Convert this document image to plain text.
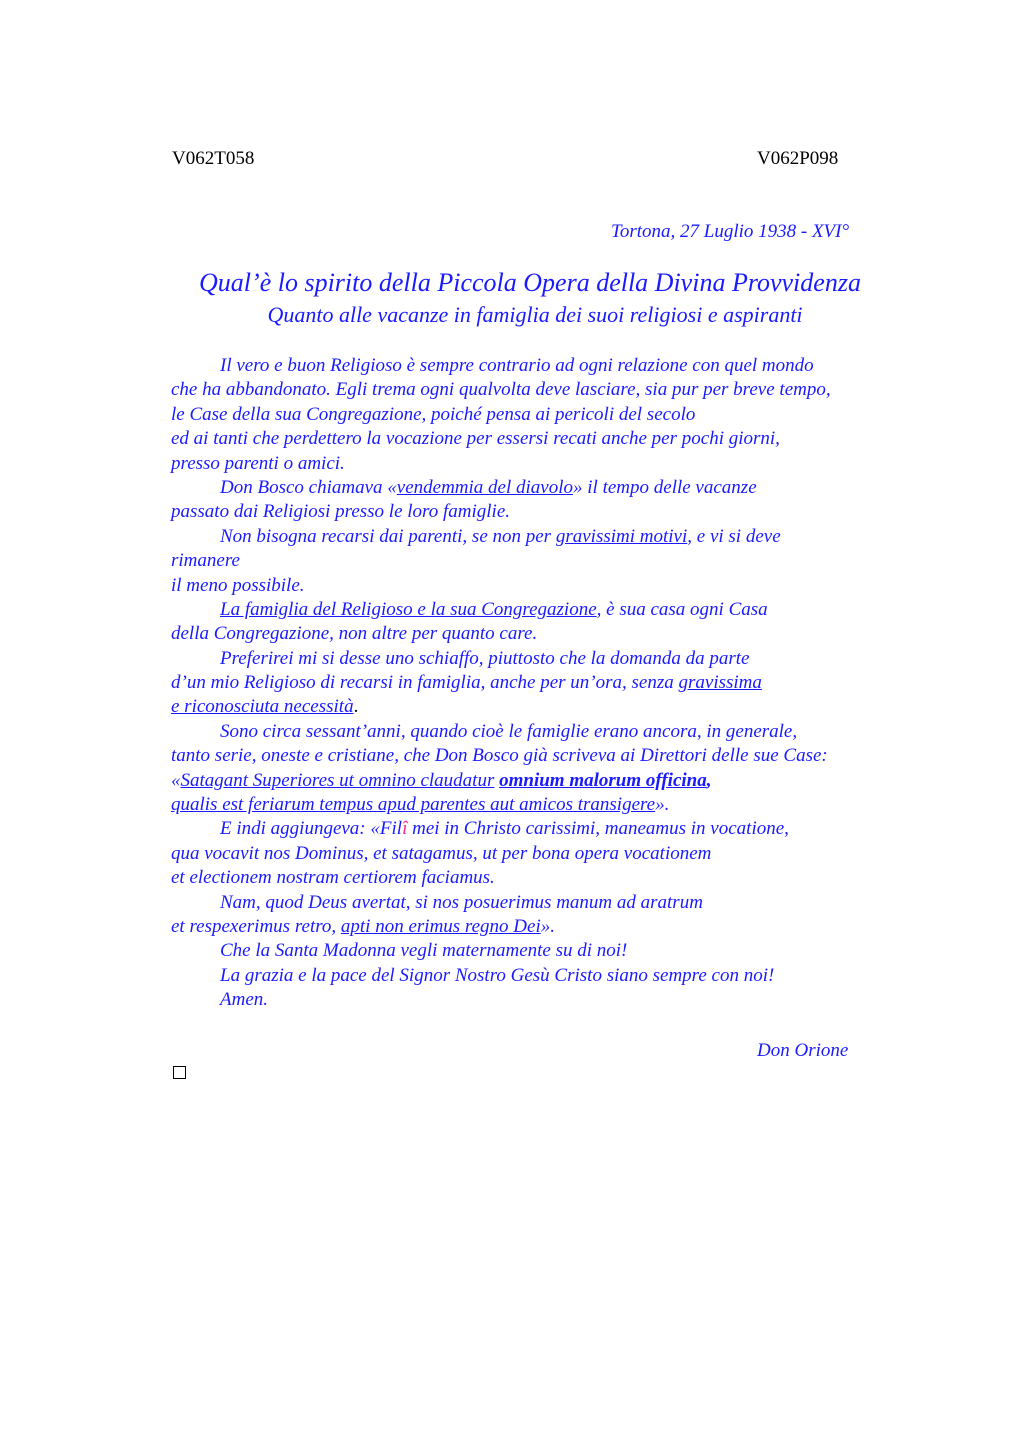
V062T058	V062P098
Tortona, 27 Luglio 1938 - XVI°
Qual’è lo spirito della Piccola Opera della Divina Provvidenza
Quanto alle vacanze in famiglia dei suoi religiosi e aspiranti
Il vero e buon Religioso è sempre contrario ad ogni relazione con quel mondo
che ha abbandonato. Egli trema ogni qualvolta deve lasciare, sia pur per breve tempo,
le Case della sua Congregazione, poiché pensa ai pericoli del secolo
ed ai tanti che perdettero la vocazione per essersi recati anche per pochi giorni,
presso parenti o amici.
Don Bosco chiamava «vendemmia del diavolo» il tempo delle vacanze
passato dai Religiosi presso le loro famiglie.
Non bisogna recarsi dai parenti, se non per gravissimi motivi, e vi si deve
rimanere
il meno possibile.
La famiglia del Religioso e la sua Congregazione, è sua casa ogni Casa
della Congregazione, non altre per quanto care.
Preferirei mi si desse uno schiaffo, piuttosto che la domanda da parte
d’un mio Religioso di recarsi in famiglia, anche per un’ora, senza gravissima
e riconosciuta necessità.
Sono circa sessant’anni, quando cioè le famiglie erano ancora, in generale,
tanto serie, oneste e cristiane, che Don Bosco già scriveva ai Direttori delle sue Case:
«Satagant Superiores ut omnino claudatur omnium malorum officina,
qualis est feriarum tempus apud parentes aut amicos transigere».
E indi aggiungeva: «Filî mei in Christo carissimi, maneamus in vocatione,
qua vocavit nos Dominus, et satagamus, ut per bona opera vocationem
et electionem nostram certiorem faciamus.
Nam, quod Deus avertat, si nos posuerimus manum ad aratrum
et respexerimus retro, apti non erimus regno Dei».
Che la Santa Madonna vegli maternamente su di noi!
La grazia e la pace del Signor Nostro Gesù Cristo siano sempre con noi!
Amen.
Don Orione
